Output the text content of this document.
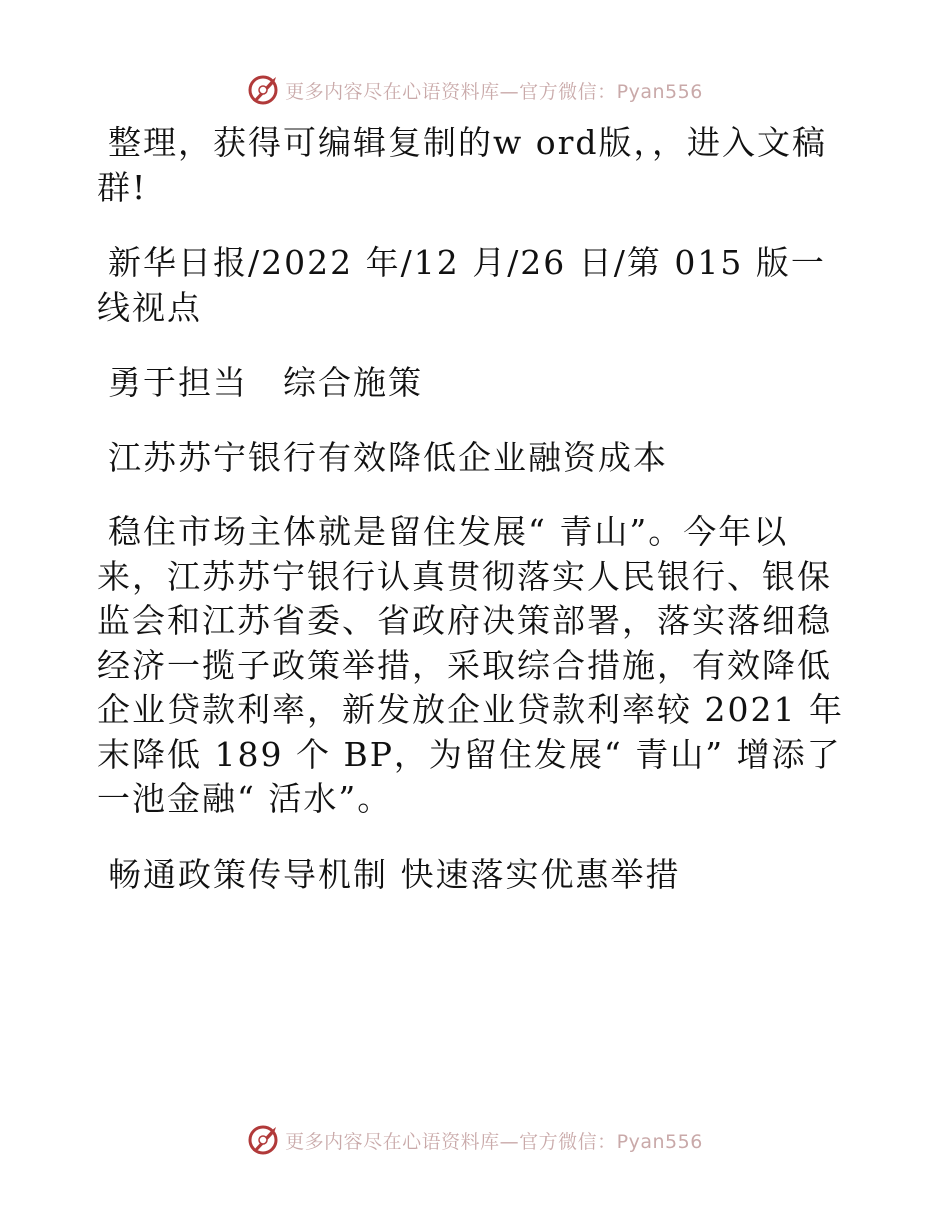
更多内容尽在心语资料库—官方微信：Pyan556

整理，获得可编辑复制的w ord版，，进入文稿群!

新华日报/2022 年/12 月/26 日/第 015 版一线视点

勇于担当　综合施策

江苏苏宁银行有效降低企业融资成本

稳住市场主体就是留住发展“ 青山”。今年以来，江苏苏宁银行认真贯彻落实人民银行、银保监会和江苏省委、省政府决策部署，落实落细稳经济一揽子政策举措，采取综合措施，有效降低企业贷款利率，新发放企业贷款利率较 2021 年末降低 189 个 BP，为留住发展“ 青山” 增添了一池金融“ 活水”。

畅通政策传导机制 快速落实优惠举措

更多内容尽在心语资料库—官方微信：Pyan556
